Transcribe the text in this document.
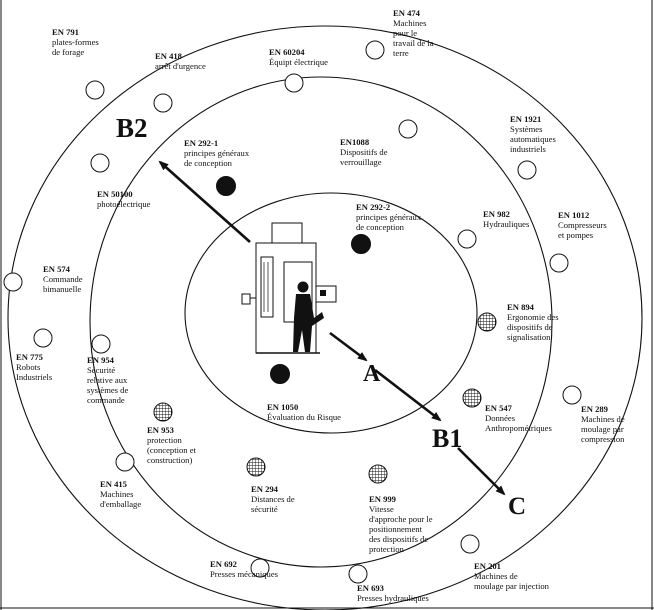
B2
A
B1
C
EN 791 plates-formes de forage
EN 474 Machines pour le travail de la terre
EN 418 arrêt d'urgence
EN 60204 Équipt électrique
EN 292-1 principes généraux de conception
EN1088 Dispositifs de verrouillage
EN 1921 Systèmes automatiques industriels
EN 50100 photoélectrique	EN 292-2 principes généraux de conception
EN 982 Hydrauliques
EN 1012 Compresseurs et pompes
EN 574 Commande bimanuelle
EN 894 Ergonomie des dispositifs de signalisation
EN 775 Robots Industriels
EN 954 Sécurité relative aux systèmes de commande
EN 1050 Évaluation du Risque
EN 547 Données Anthropométriques
EN 289 Machines de moulage par compression
EN 953 protection (conception et construction)
EN 415 Machines d'emballage
EN 294 Distances de sécurité
EN 999 Vitesse d'approche pour le positionnement des dispositifs de protection
EN 692 Presses mécaniques
EN 201 Machines de moulage par injection
EN 693 Presses hydrauliques
